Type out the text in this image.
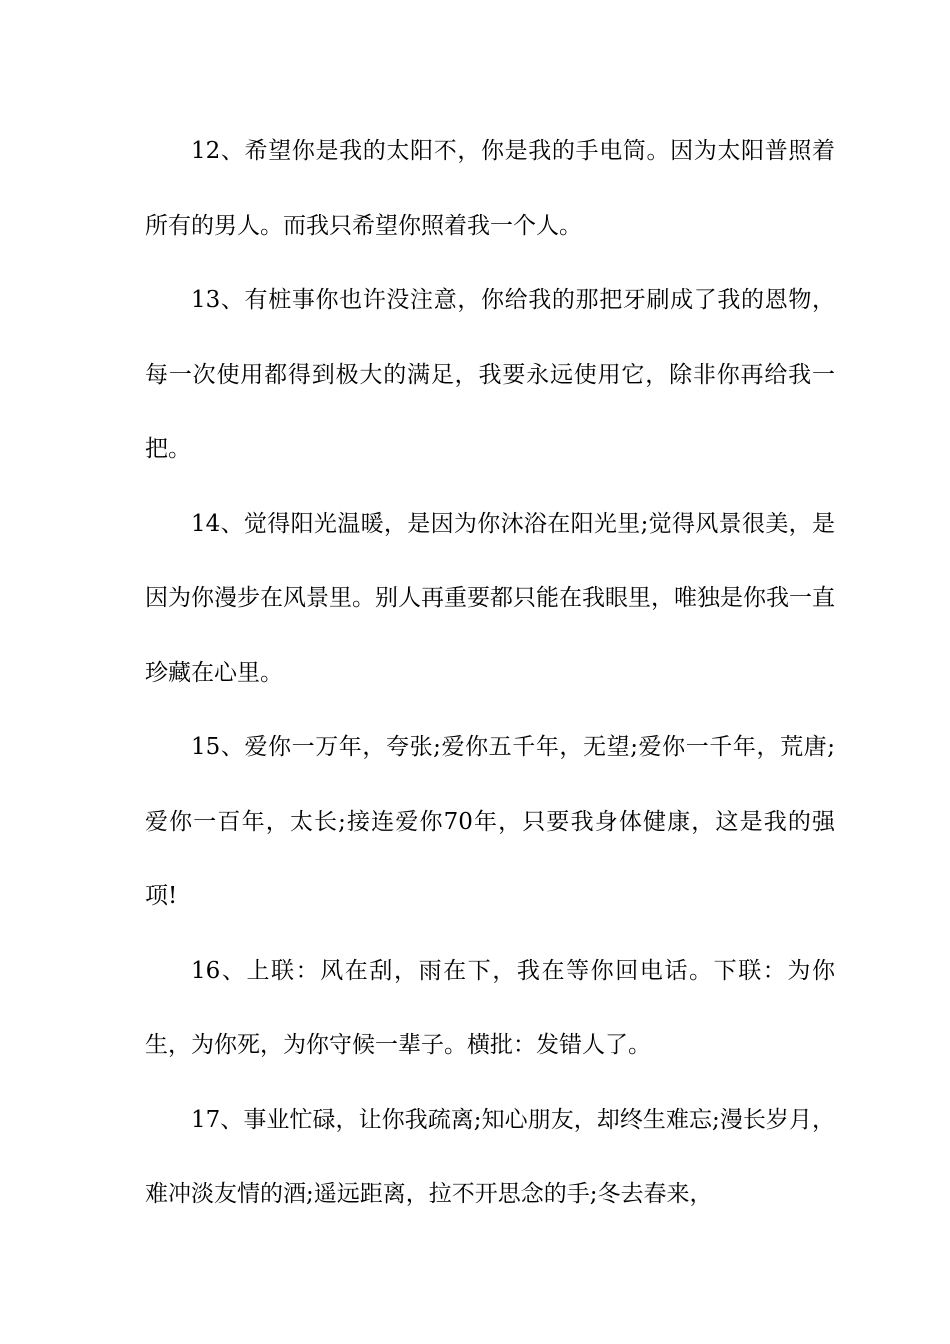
12、希望你是我的太阳不，你是我的手电筒。因为太阳普照着所有的男人。而我只希望你照着我一个人。

13、有桩事你也许没注意，你给我的那把牙刷成了我的恩物，每一次使用都得到极大的满足，我要永远使用它，除非你再给我一把。

14、觉得阳光温暖，是因为你沐浴在阳光里;觉得风景很美，是因为你漫步在风景里。别人再重要都只能在我眼里，唯独是你我一直珍藏在心里。

15、爱你一万年，夸张;爱你五千年，无望;爱你一千年，荒唐;爱你一百年，太长;接连爱你70年，只要我身体健康，这是我的强项!

16、上联：风在刮，雨在下，我在等你回电话。下联：为你生，为你死，为你守候一辈子。横批：发错人了。

17、事业忙碌，让你我疏离;知心朋友，却终生难忘;漫长岁月，难冲淡友情的酒;遥远距离，拉不开思念的手;冬去春来，
